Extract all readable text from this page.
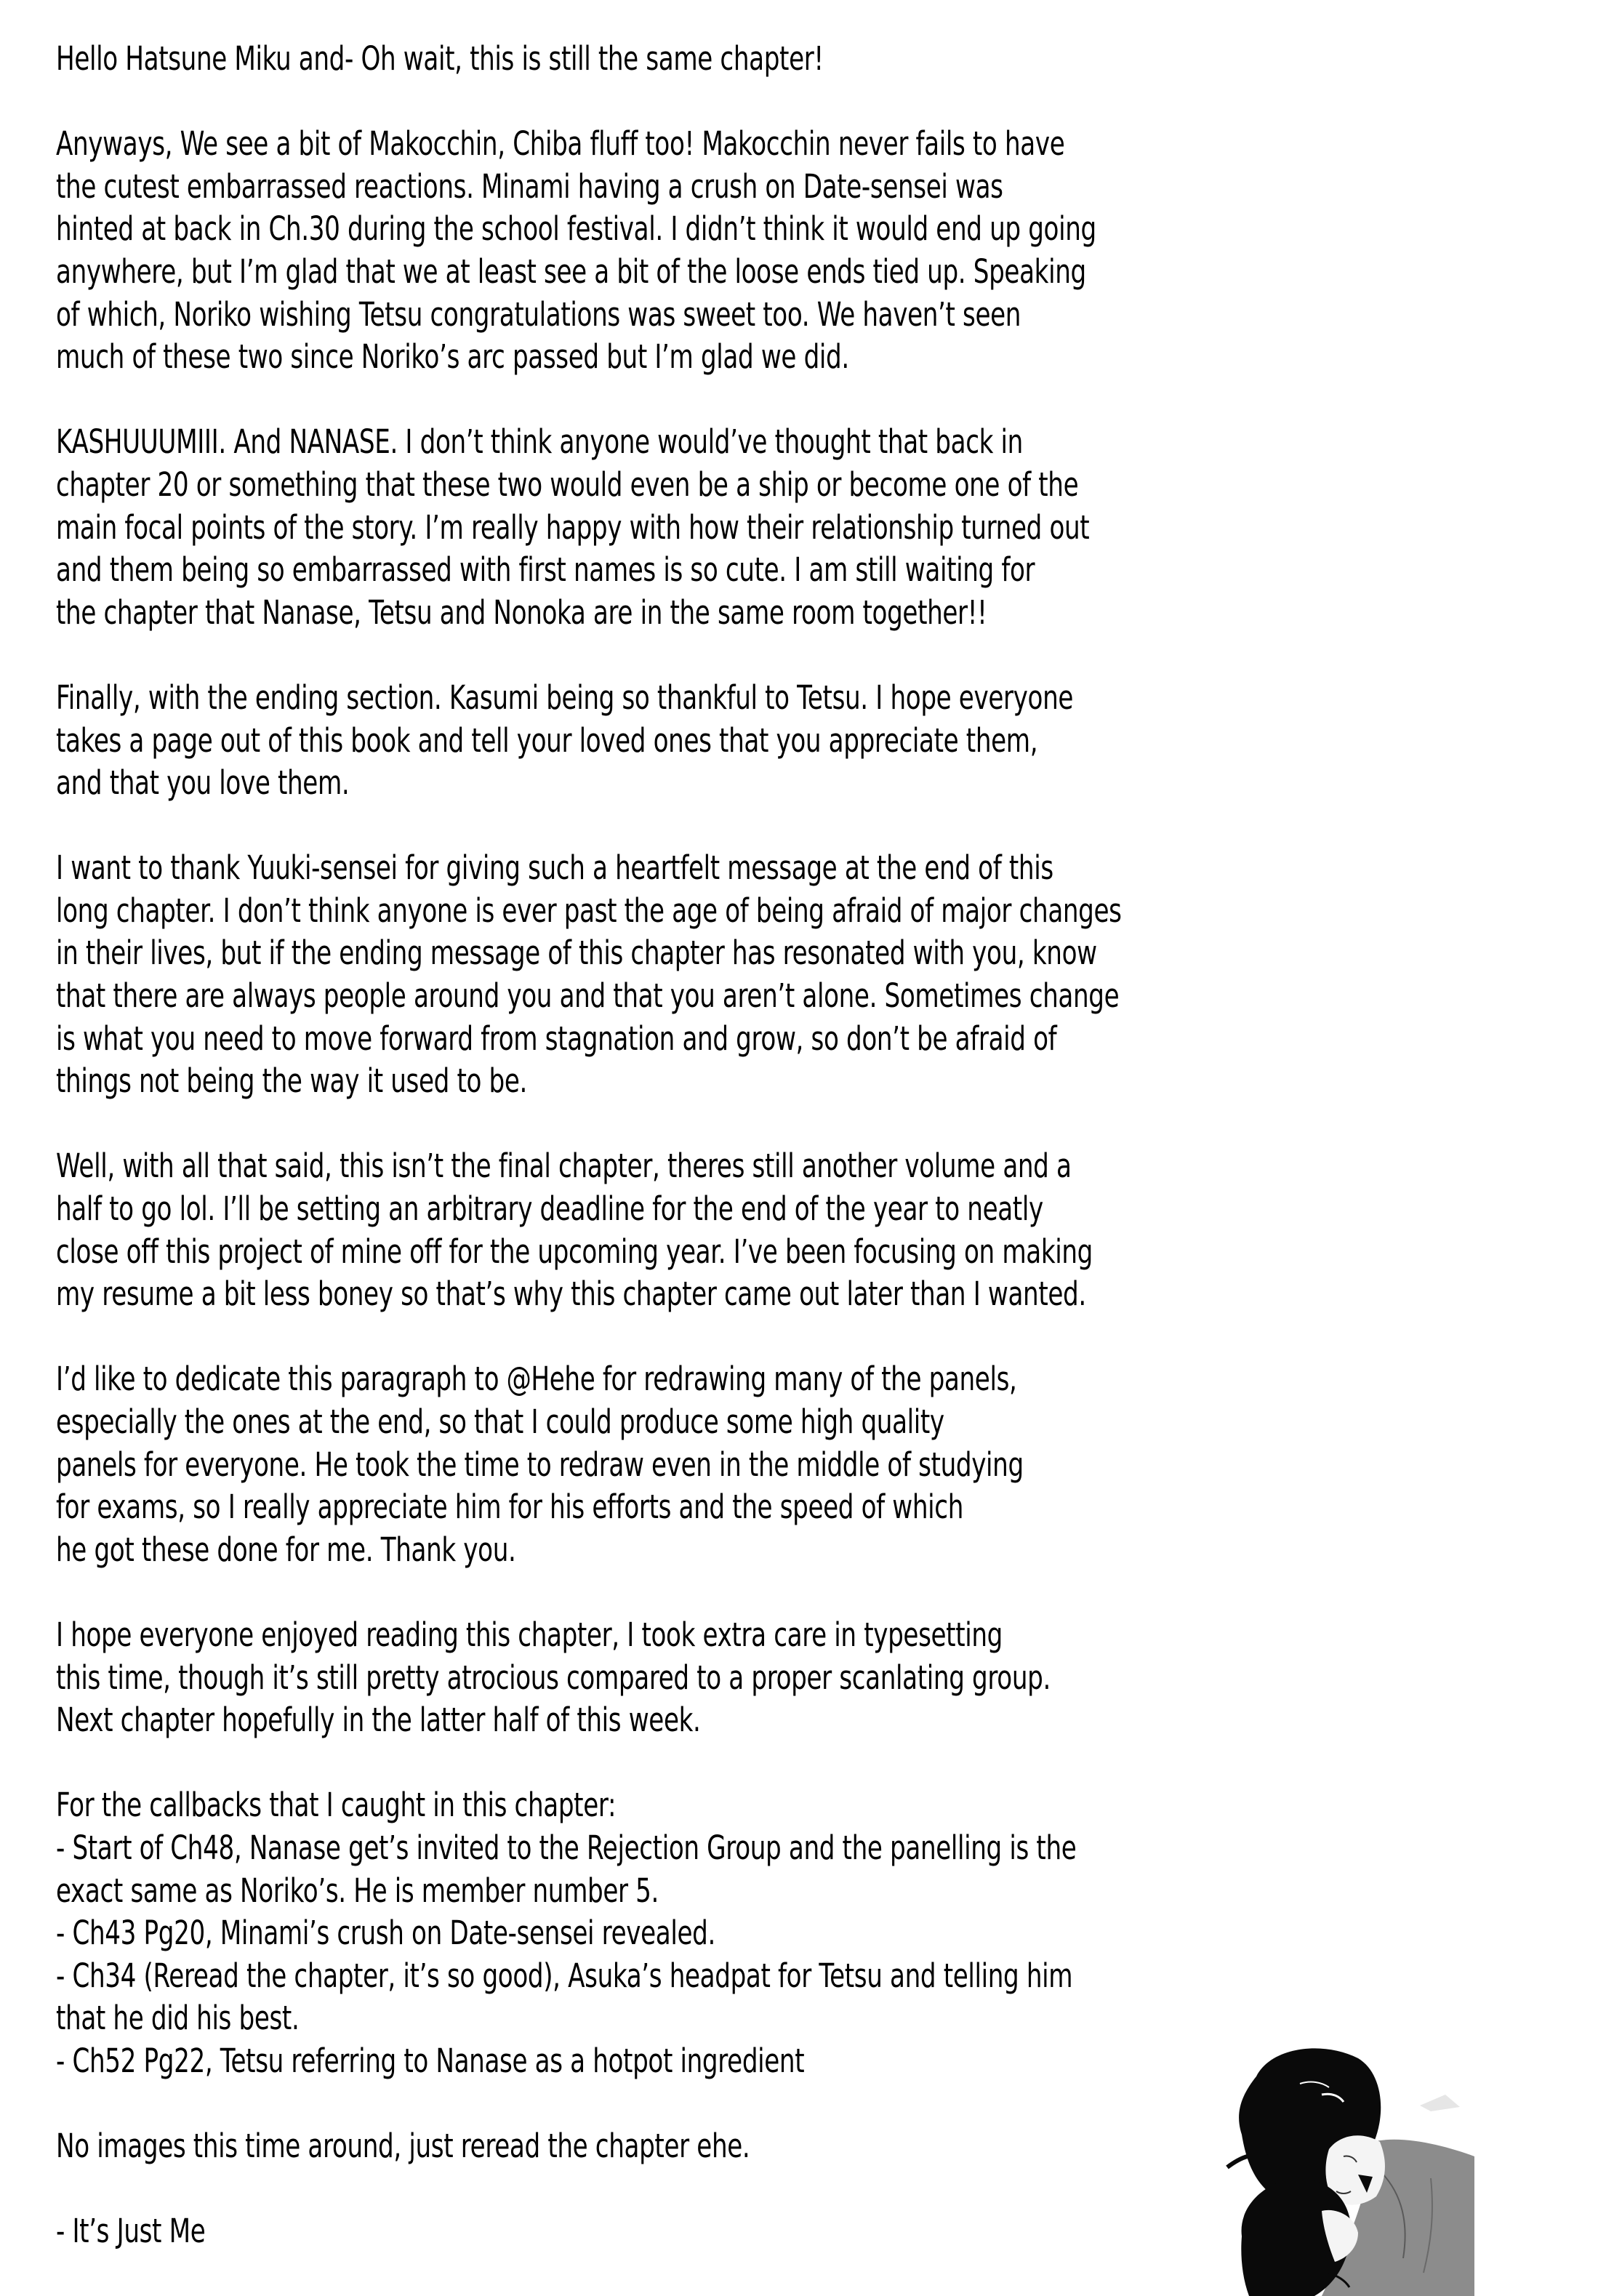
Hello Hatsune Miku and- Oh wait, this is still the same chapter!
Anyways, We see a bit of Makocchin, Chiba fluff too! Makocchin never fails to have
the cutest embarrassed reactions. Minami having a crush on Date-sensei was
hinted at back in Ch.30 during the school festival. I didn’t think it would end up going
anywhere, but I’m glad that we at least see a bit of the loose ends tied up. Speaking
of which, Noriko wishing Tetsu congratulations was sweet too. We haven’t seen
much of these two since Noriko’s arc passed but I’m glad we did.
KASHUUUMIII. And NANASE. I don’t think anyone would’ve thought that back in
chapter 20 or something that these two would even be a ship or become one of the
main focal points of the story. I’m really happy with how their relationship turned out
and them being so embarrassed with first names is so cute. I am still waiting for
the chapter that Nanase, Tetsu and Nonoka are in the same room together!!
Finally, with the ending section. Kasumi being so thankful to Tetsu. I hope everyone
takes a page out of this book and tell your loved ones that you appreciate them,
and that you love them.
I want to thank Yuuki-sensei for giving such a heartfelt message at the end of this
long chapter. I don’t think anyone is ever past the age of being afraid of major changes
in their lives, but if the ending message of this chapter has resonated with you, know
that there are always people around you and that you aren’t alone. Sometimes change
is what you need to move forward from stagnation and grow, so don’t be afraid of
things not being the way it used to be.
Well, with all that said, this isn’t the final chapter, theres still another volume and a
half to go lol. I’ll be setting an arbitrary deadline for the end of the year to neatly
close off this project of mine off for the upcoming year. I’ve been focusing on making
my resume a bit less boney so that’s why this chapter came out later than I wanted.
I’d like to dedicate this paragraph to @Hehe for redrawing many of the panels,
especially the ones at the end, so that I could produce some high quality
panels for everyone. He took the time to redraw even in the middle of studying
for exams, so I really appreciate him for his efforts and the speed of which
he got these done for me. Thank you.
I hope everyone enjoyed reading this chapter, I took extra care in typesetting
this time, though it’s still pretty atrocious compared to a proper scanlating group.
Next chapter hopefully in the latter half of this week.
For the callbacks that I caught in this chapter:
- Start of Ch48, Nanase get’s invited to the Rejection Group and the panelling is the
exact same as Noriko’s. He is member number 5.
- Ch43 Pg20, Minami’s crush on Date-sensei revealed.
- Ch34 (Reread the chapter, it’s so good), Asuka’s headpat for Tetsu and telling him
that he did his best.
- Ch52 Pg22, Tetsu referring to Nanase as a hotpot ingredient
No images this time around, just reread the chapter ehe.
- It’s Just Me
